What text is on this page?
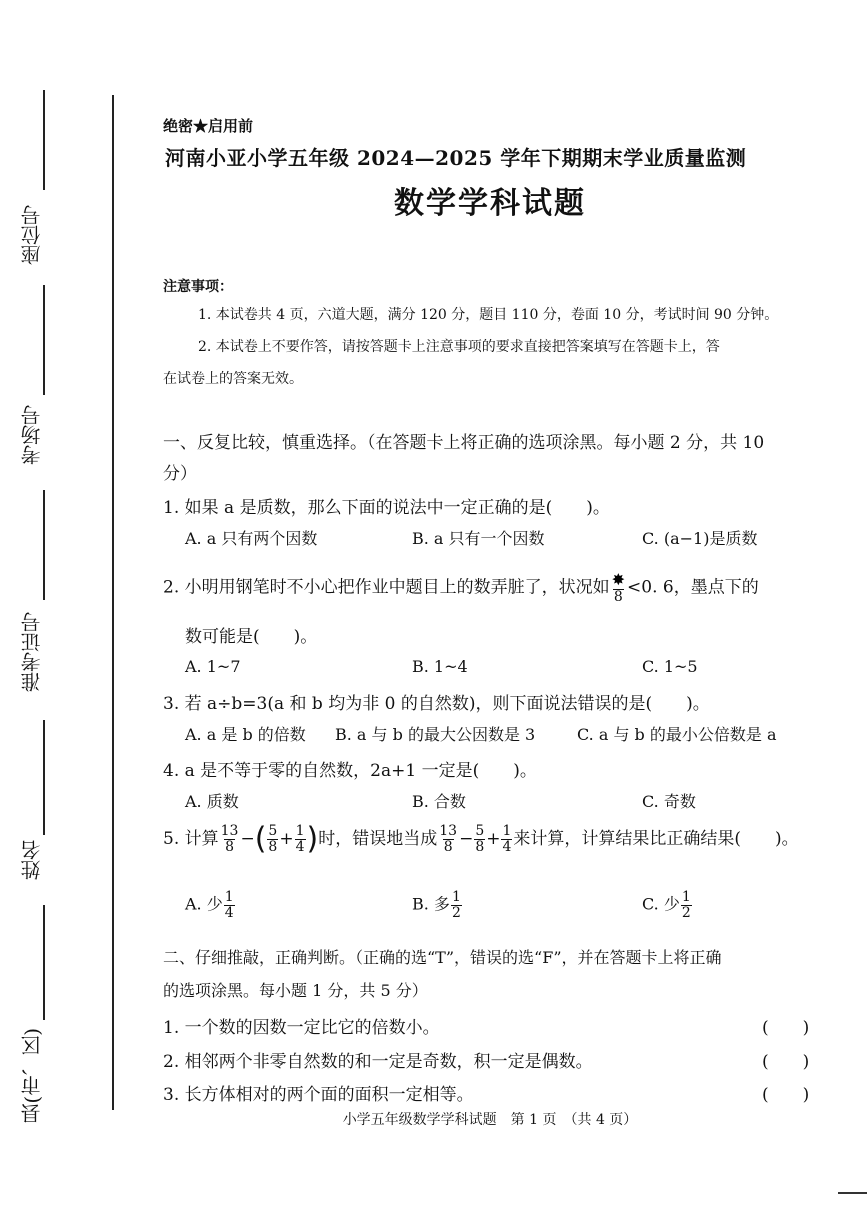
座位号
考场号
准考证号
姓名
县(市、区)
绝密★启用前
河南小亚小学五年级 2024—2025 学年下期期末学业质量监测
数学学科试题
注意事项：
1. 本试卷共 4 页，六道大题，满分 120 分，题目 110 分，卷面 10 分，考试时间 90 分钟。
2. 本试卷上不要作答，请按答题卡上注意事项的要求直接把答案填写在答题卡上，答
在试卷上的答案无效。
一、反复比较，慎重选择。（在答题卡上将正确的选项涂黑。每小题 2 分，共 10
分）
1. 如果 a 是质数，那么下面的说法中一定正确的是(　　)。
A. a 只有两个因数	B. a 只有一个因数	C. (a−1)是质数
2. 小明用钢笔时不小心把作业中题目上的数弄脏了，状况如 $\frac{✸}{8} <0$. 6，墨点下的
数可能是(　　)。
A. 1~7	B. 1~4	C. 1~5
3. 若 a÷b=3(a 和 b 均为非 0 的自然数)，则下面说法错误的是(　　)。
A. a 是 b 的倍数 B. a 与 b 的最大公因数是 3	C. a 与 b 的最小公倍数是 a
4. a 是不等于零的自然数，2a+1 一定是(　　)。
A. 质数	B. 合数	C. 奇数
5. 计算 $\frac{13}{8}$ −( $\frac{5}{8} + \frac{1}{4}$ )时，错误地当成 $\frac{13}{8} - \frac{5}{8} + \frac{1}{4}$ 来计算，计算结果比正确结果(　　)。
A. 少 $\frac{1}{4}$	B. 多 $\frac{1}{2}$	C. 少 $\frac{1}{2}$
二、仔细推敲，正确判断。（正确的选“T”，错误的选“F”，并在答题卡上将正确
的选项涂黑。每小题 1 分，共 5 分）
1. 一个数的因数一定比它的倍数小。	(　　)
2. 相邻两个非零自然数的和一定是奇数，积一定是偶数。	(　　)
3. 长方体相对的两个面的面积一定相等。	(　　)
小学五年级数学学科试题　第 1 页　（共 4 页）
